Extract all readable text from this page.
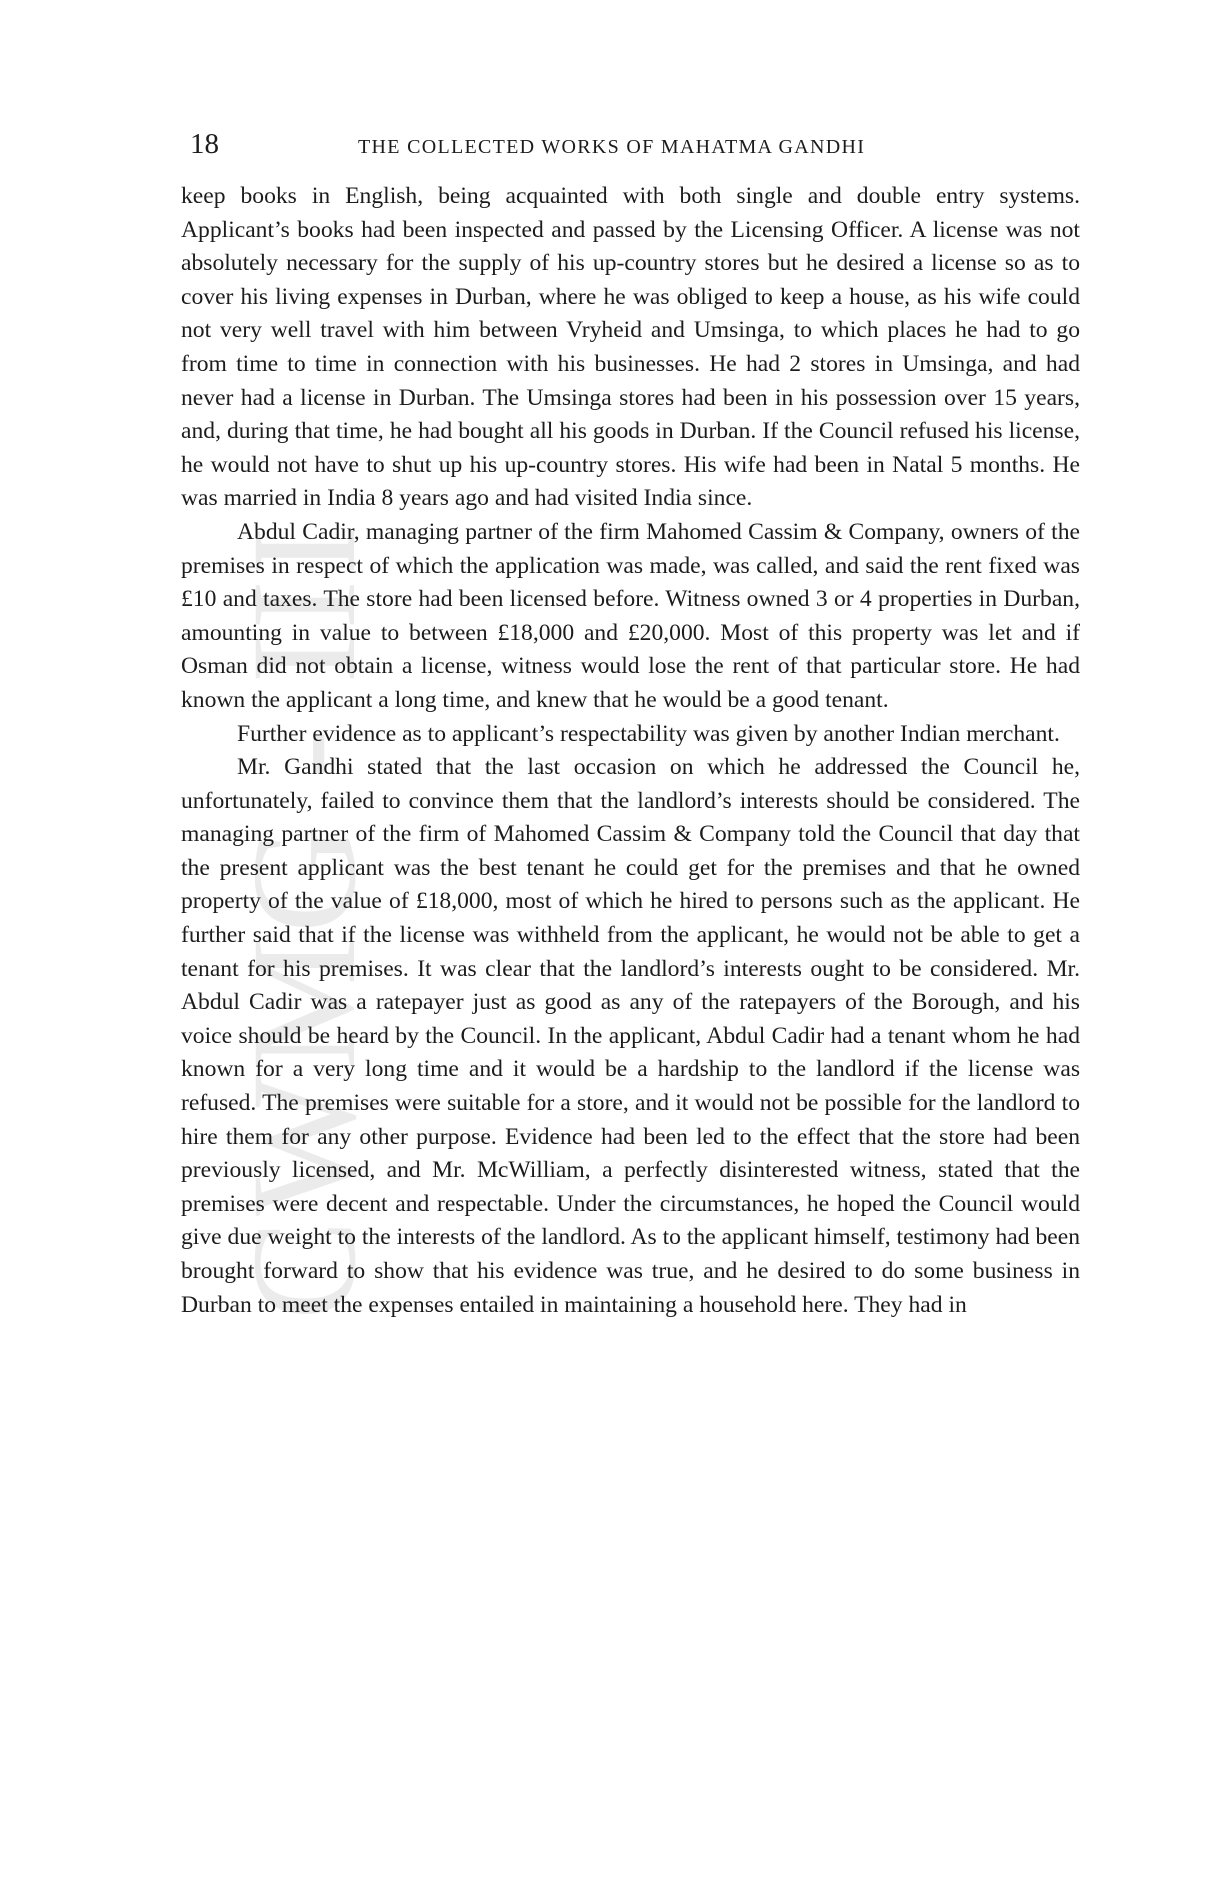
CWMG - III
18	THE COLLECTED WORKS OF MAHATMA GANDHI

keep books in English, being acquainted with both single and double entry systems. Applicant’s books had been inspected and passed by the Licensing Officer. A license was not absolutely necessary for the supply of his up-country stores but he desired a license so as to cover his living expenses in Durban, where he was obliged to keep a house, as his wife could not very well travel with him between Vryheid and Umsinga, to which places he had to go from time to time in connection with his businesses. He had 2 stores in Umsinga, and had never had a license in Durban. The Umsinga stores had been in his possession over 15 years, and, during that time, he had bought all his goods in Durban. If the Council refused his license, he would not have to shut up his up-country stores. His wife had been in Natal 5 months. He was married in India 8 years ago and had visited India since.

Abdul Cadir, managing partner of the firm Mahomed Cassim & Company, owners of the premises in respect of which the application was made, was called, and said the rent fixed was £10 and taxes. The store had been licensed before. Witness owned 3 or 4 properties in Durban, amounting in value to between £18,000 and £20,000. Most of this property was let and if Osman did not obtain a license, witness would lose the rent of that particular store. He had known the applicant a long time, and knew that he would be a good tenant.

Further evidence as to applicant’s respectability was given by another Indian merchant.

Mr. Gandhi stated that the last occasion on which he addressed the Council he, unfortunately, failed to convince them that the landlord’s interests should be considered. The managing partner of the firm of Mahomed Cassim & Company told the Council that day that the present applicant was the best tenant he could get for the premises and that he owned property of the value of £18,000, most of which he hired to persons such as the applicant. He further said that if the license was withheld from the applicant, he would not be able to get a tenant for his premises. It was clear that the landlord’s interests ought to be considered. Mr. Abdul Cadir was a ratepayer just as good as any of the ratepayers of the Borough, and his voice should be heard by the Council. In the applicant, Abdul Cadir had a tenant whom he had known for a very long time and it would be a hardship to the landlord if the license was refused. The premises were suitable for a store, and it would not be possible for the landlord to hire them for any other purpose. Evidence had been led to the effect that the store had been previously licensed, and Mr. McWilliam, a perfectly disinterested witness, stated that the premises were decent and respectable. Under the circumstances, he hoped the Council would give due weight to the interests of the landlord. As to the applicant himself, testimony had been brought forward to show that his evidence was true, and he desired to do some business in Durban to meet the expenses entailed in maintaining a household here. They had in
